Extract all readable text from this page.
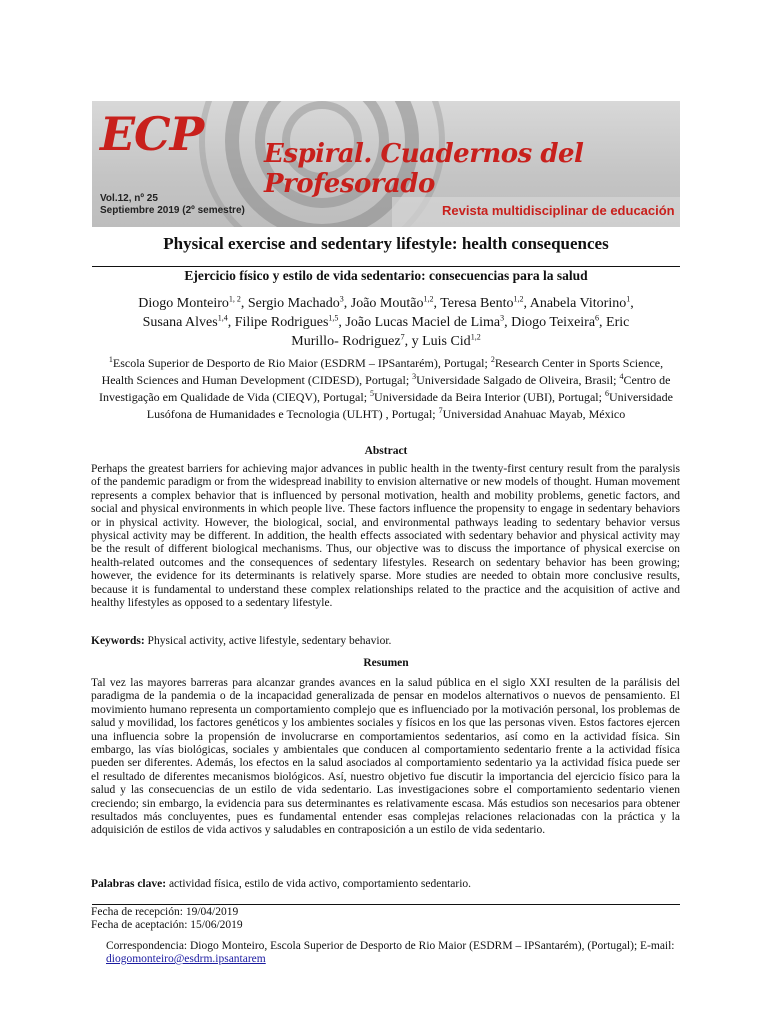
ECP Espiral. Cuadernos del Profesorado
Vol.12, nº 25
Septiembre 2019 (2º semestre)	Revista multidisciplinar de educación
Physical exercise and sedentary lifestyle: health consequences
Ejercicio físico y estilo de vida sedentario: consecuencias para la salud
Diogo Monteiro$^{1, 2}$, Sergio Machado$^3$, João Moutão$^{1,2}$, Teresa Bento$^{1,2}$, Anabela Vitorino$^1$,
Susana Alves$^{1,4}$, Filipe Rodrigues$^{1,5}$, João Lucas Maciel de Lima$^3$, Diogo Teixeira$^6$, Eric
Murillo- Rodriguez$^7$, y Luis Cid$^{1,2}$
$^1$Escola Superior de Desporto de Rio Maior (ESDRM – IPSantarém), Portugal; $^2$Research Center in Sports Science, Health Sciences and Human Development (CIDESD), Portugal; $^3$Universidade Salgado de Oliveira, Brasil; $^4$Centro de Investigação em Qualidade de Vida (CIEQV), Portugal; $^5$Universidade da Beira Interior (UBI), Portugal; $^6$Universidade Lusófona de Humanidades e Tecnologia (ULHT) , Portugal; $^7$Universidad Anahuac Mayab, México
Abstract
Perhaps the greatest barriers for achieving major advances in public health in the twenty-first century result from the paralysis of the pandemic paradigm or from the widespread inability to envision alternative or new models of thought. Human movement represents a complex behavior that is influenced by personal motivation, health and mobility problems, genetic factors, and social and physical environments in which people live. These factors influence the propensity to engage in sedentary behaviors or in physical activity. However, the biological, social, and environmental pathways leading to sedentary behavior versus physical activity may be different. In addition, the health effects associated with sedentary behavior and physical activity may be the result of different biological mechanisms. Thus, our objective was to discuss the importance of physical exercise on health-related outcomes and the consequences of sedentary lifestyles. Research on sedentary behavior has been growing; however, the evidence for its determinants is relatively sparse. More studies are needed to obtain more conclusive results, because it is fundamental to understand these complex relationships related to the practice and the acquisition of active and healthy lifestyles as opposed to a sedentary lifestyle.
Keywords: Physical activity, active lifestyle, sedentary behavior.
Resumen
Tal vez las mayores barreras para alcanzar grandes avances en la salud pública en el siglo XXI resulten de la parálisis del paradigma de la pandemia o de la incapacidad generalizada de pensar en modelos alternativos o nuevos de pensamiento. El movimiento humano representa un comportamiento complejo que es influenciado por la motivación personal, los problemas de salud y movilidad, los factores genéticos y los ambientes sociales y físicos en los que las personas viven. Estos factores ejercen una influencia sobre la propensión de involucrarse en comportamientos sedentarios, así como en la actividad física. Sin embargo, las vías biológicas, sociales y ambientales que conducen al comportamiento sedentario frente a la actividad física pueden ser diferentes. Además, los efectos en la salud asociados al comportamiento sedentario ya la actividad física puede ser el resultado de diferentes mecanismos biológicos. Así, nuestro objetivo fue discutir la importancia del ejercicio físico para la salud y las consecuencias de un estilo de vida sedentario. Las investigaciones sobre el comportamiento sedentario vienen creciendo; sin embargo, la evidencia para sus determinantes es relativamente escasa. Más estudios son necesarios para obtener resultados más concluyentes, pues es fundamental entender esas complejas relaciones relacionadas con la práctica y la adquisición de estilos de vida activos y saludables en contraposición a un estilo de vida sedentario.
Palabras clave: actividad física, estilo de vida activo, comportamiento sedentario.
Fecha de recepción: 19/04/2019
Fecha de aceptación: 15/06/2019
Correspondencia: Diogo Monteiro, Escola Superior de Desporto de Rio Maior (ESDRM – IPSantarém), (Portugal); E-mail: diogomonteiro@esdrm.ipsantarem
